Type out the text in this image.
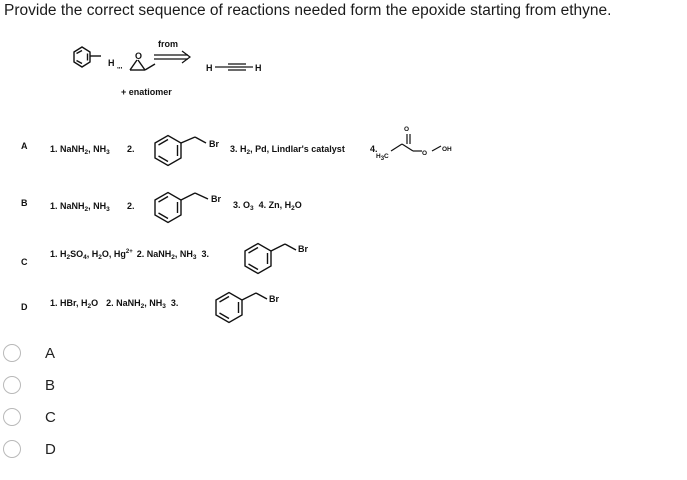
Provide the correct sequence of reactions needed form the epoxide starting from ethyne.
O
H ,,,
from
H	H
+ enatiomer
A	1. NaNH$_2$, $NH_3$ 2.	Br 3. $H_2$, Pd, Lindlar's catalyst	4.
O
H3C	O
OH
B	1. NaNH$_2$, $NH_3$ 2.
Br
3. $O_3$ 4. Zn, $H_2O$
C
1. $H_2SO_4$, $H_2O$, $Hg^{2+}$ 2. NaNH$_2$, $NH_3$ 3.	Br
D	1. HBr, $H_2O$ 2. NaNH$_2$, $NH_3$ 3.	Br
A
B
C
D
